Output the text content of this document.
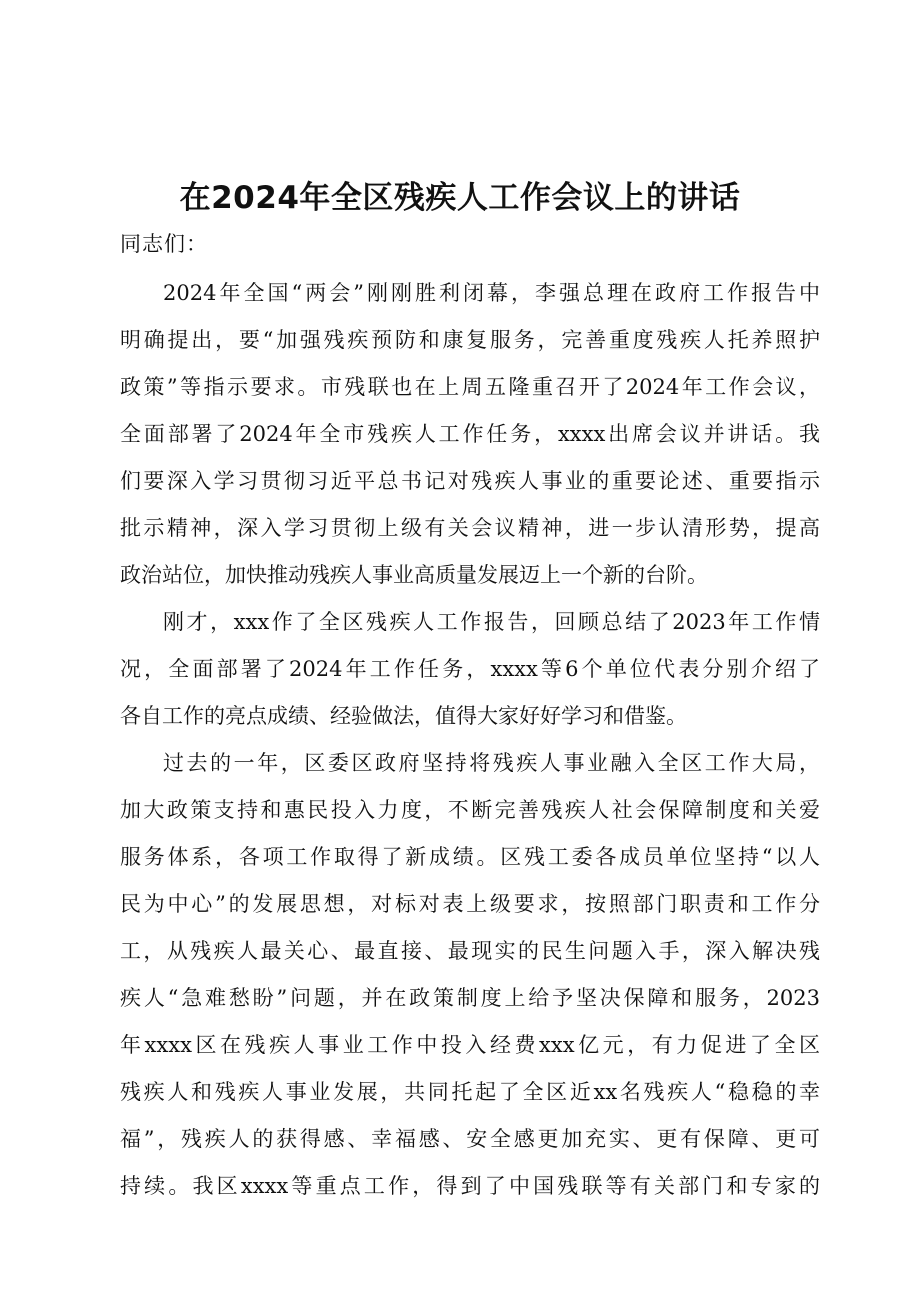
在2024年全区残疾人工作会议上的讲话

同志们：

2024年全国“两会”刚刚胜利闭幕，李强总理在政府工作报告中

明确提出，要“加强残疾预防和康复服务，完善重度残疾人托养照护

政策”等指示要求。市残联也在上周五隆重召开了2024年工作会议，

全面部署了2024年全市残疾人工作任务，xxxx出席会议并讲话。我

们要深入学习贯彻习近平总书记对残疾人事业的重要论述、重要指示

批示精神，深入学习贯彻上级有关会议精神，进一步认清形势，提高

政治站位，加快推动残疾人事业高质量发展迈上一个新的台阶。

刚才，xxx作了全区残疾人工作报告，回顾总结了2023年工作情

况，全面部署了2024年工作任务，xxxx等6个单位代表分别介绍了

各自工作的亮点成绩、经验做法，值得大家好好学习和借鉴。

过去的一年，区委区政府坚持将残疾人事业融入全区工作大局，

加大政策支持和惠民投入力度，不断完善残疾人社会保障制度和关爱

服务体系，各项工作取得了新成绩。区残工委各成员单位坚持“以人

民为中心”的发展思想，对标对表上级要求，按照部门职责和工作分

工，从残疾人最关心、最直接、最现实的民生问题入手，深入解决残

疾人“急难愁盼”问题，并在政策制度上给予坚决保障和服务，2023

年xxxx区在残疾人事业工作中投入经费xxx亿元，有力促进了全区

残疾人和残疾人事业发展，共同托起了全区近xx名残疾人“稳稳的幸

福”，残疾人的获得感、幸福感、安全感更加充实、更有保障、更可

持续。我区xxxx等重点工作，得到了中国残联等有关部门和专家的
